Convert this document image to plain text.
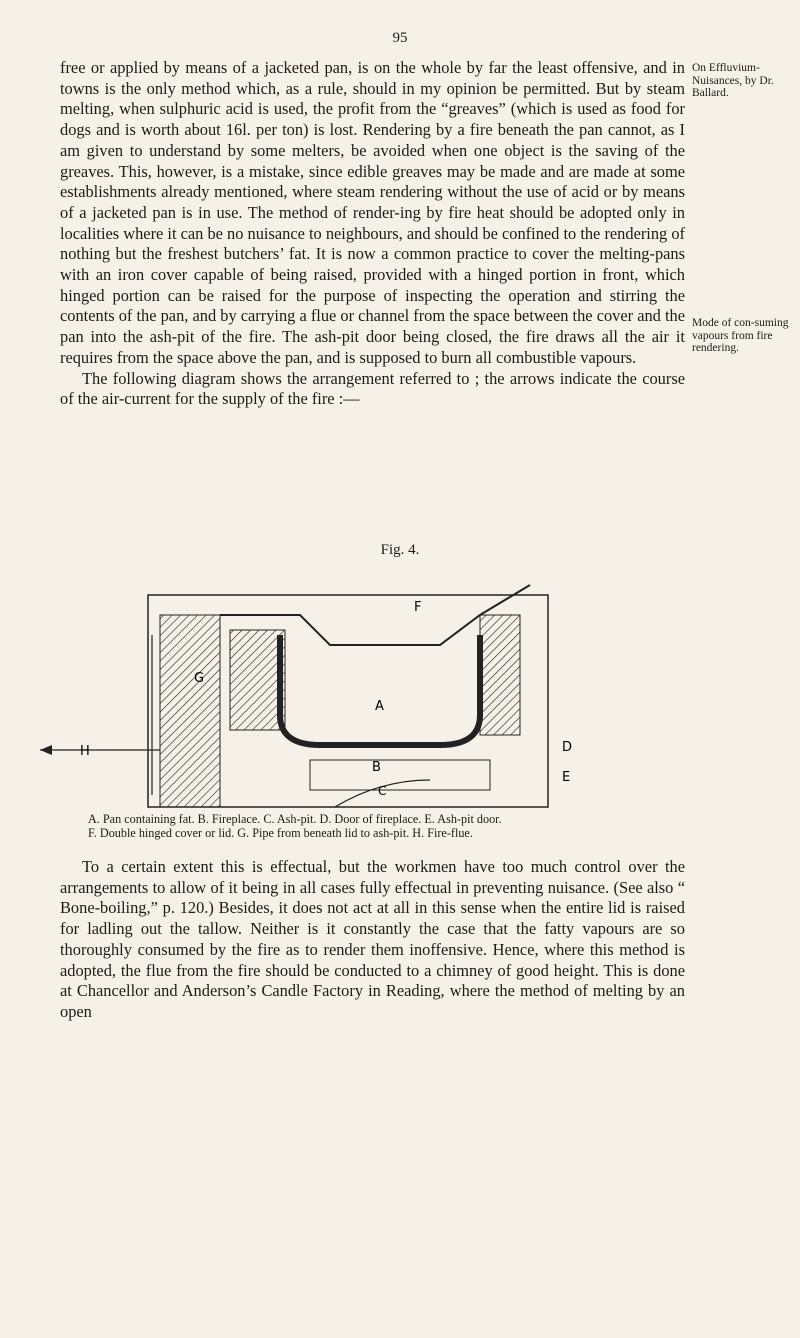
95

free or applied by means of a jacketed pan, is on the whole by far the least offensive, and in towns is the only method which, as a rule, should in my opinion be permitted. But by steam melting, when sulphuric acid is used, the profit from the “greaves” (which is used as food for dogs and is worth about 16l. per ton) is lost. Rendering by a fire beneath the pan cannot, as I am given to understand by some melters, be avoided when one object is the saving of the greaves. This, however, is a mistake, since edible greaves may be made and are made at some establishments already mentioned, where steam rendering without the use of acid or by means of a jacketed pan is in use. The method of render-ing by fire heat should be adopted only in localities where it can be no nuisance to neighbours, and should be confined to the rendering of nothing but the freshest butchers’ fat. It is now a common practice to cover the melting-pans with an iron cover capable of being raised, provided with a hinged portion in front, which hinged portion can be raised for the purpose of inspecting the operation and stirring the contents of the pan, and by carrying a flue or channel from the space between the cover and the pan into the ash-pit of the fire. The ash-pit door being closed, the fire draws all the air it requires from the space above the pan, and is supposed to burn all combustible vapours.
The following diagram shows the arrangement referred to ; the arrows indicate the course of the air-current for the supply of the fire :—

On Effluvium-Nuisances, by Dr. Ballard.

Mode of con-suming vapours from fire rendering.

Fig. 4.
A
B
C
D
E
F
G
H
A. Pan containing fat. B. Fireplace. C. Ash-pit. D. Door of fireplace. E. Ash-pit door.
F. Double hinged cover or lid. G. Pipe from beneath lid to ash-pit. H. Fire-flue.

To a certain extent this is effectual, but the workmen have too much control over the arrangements to allow of it being in all cases fully effectual in preventing nuisance. (See also “ Bone-boiling,” p. 120.) Besides, it does not act at all in this sense when the entire lid is raised for ladling out the tallow. Neither is it constantly the case that the fatty vapours are so thoroughly consumed by the fire as to render them inoffensive. Hence, where this method is adopted, the flue from the fire should be conducted to a chimney of good height. This is done at Chancellor and Anderson’s Candle Factory in Reading, where the method of melting by an open
